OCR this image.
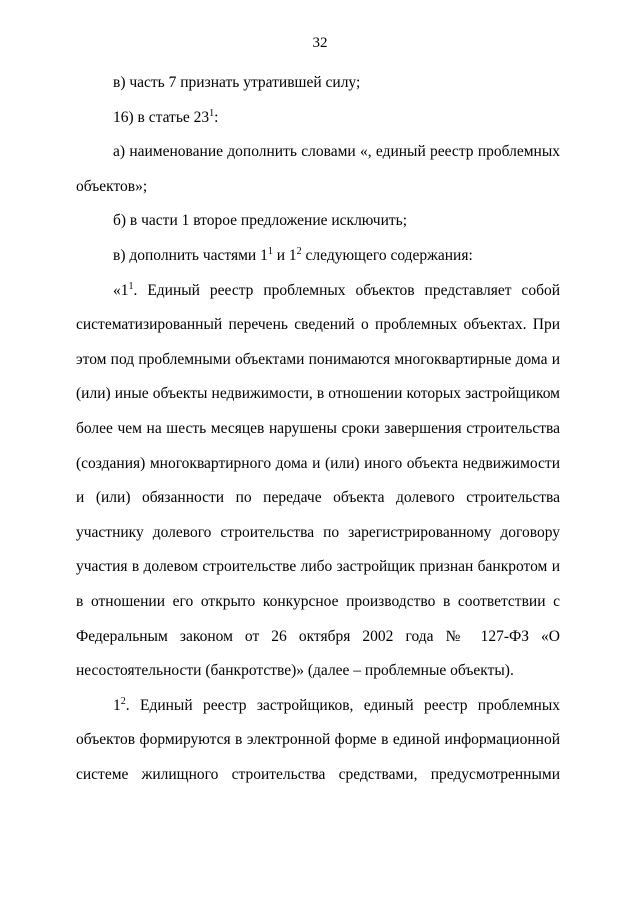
32

в) часть 7 признать утратившей силу;

16) в статье $23^1$:

а) наименование дополнить словами «, единый реестр проблемных объектов»;

б) в части 1 второе предложение исключить;

в) дополнить частями $1^1$ и $1^2$ следующего содержания:

«$1^1$. Единый реестр проблемных объектов представляет собой систематизированный перечень сведений о проблемных объектах. При этом под проблемными объектами понимаются многоквартирные дома и (или) иные объекты недвижимости, в отношении которых застройщиком более чем на шесть месяцев нарушены сроки завершения строительства (создания) многоквартирного дома и (или) иного объекта недвижимости и (или) обязанности по передаче объекта долевого строительства участнику долевого строительства по зарегистрированному договору участия в долевом строительстве либо застройщик признан банкротом и в отношении его открыто конкурсное производство в соответствии с Федеральным законом от 26 октября 2002 года № 127-ФЗ «О несостоятельности (банкротстве)» (далее – проблемные объекты).

$1^2$. Единый реестр застройщиков, единый реестр проблемных объектов формируются в электронной форме в единой информационной системе жилищного строительства средствами, предусмотренными
